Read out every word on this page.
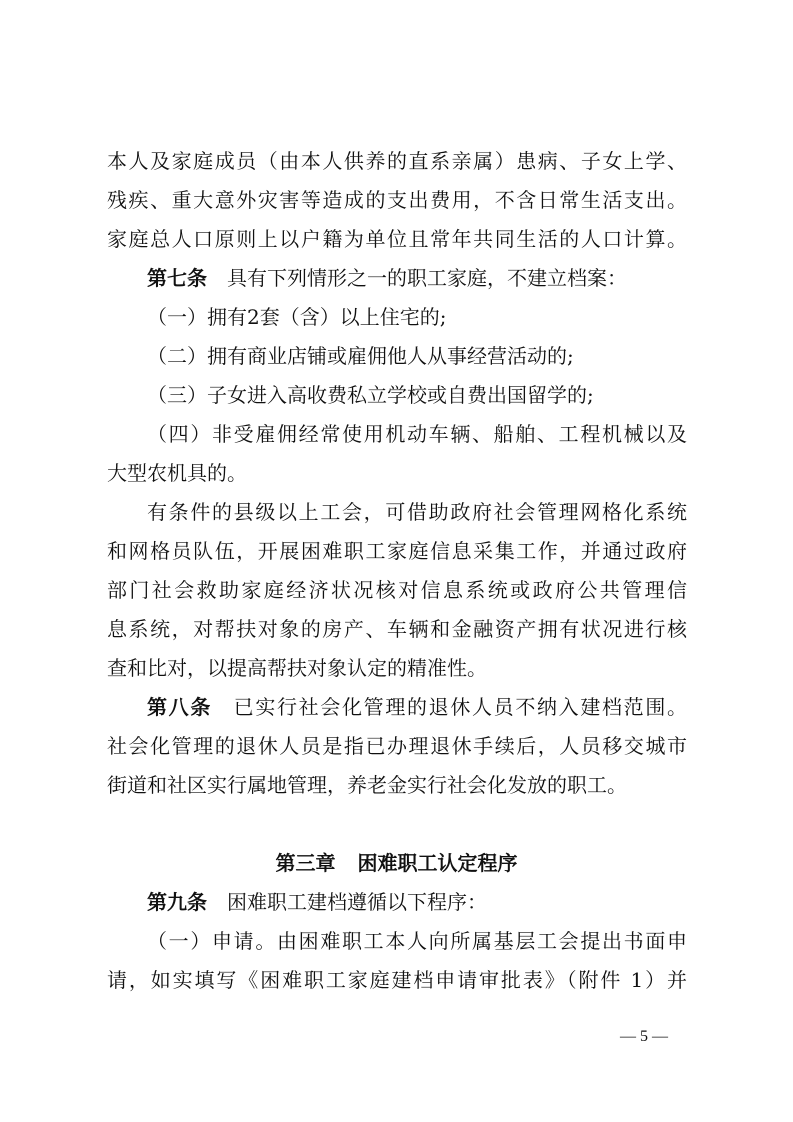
本人及家庭成员（由本人供养的直系亲属）患病、子女上学、
残疾、重大意外灾害等造成的支出费用，不含日常生活支出。
家庭总人口原则上以户籍为单位且常年共同生活的人口计算。
第七条 具有下列情形之一的职工家庭，不建立档案：
（一）拥有2套（含）以上住宅的;
（二）拥有商业店铺或雇佣他人从事经营活动的;
（三）子女进入高收费私立学校或自费出国留学的;
（四）非受雇佣经常使用机动车辆、船舶、工程机械以及
大型农机具的。
有条件的县级以上工会，可借助政府社会管理网格化系统
和网格员队伍，开展困难职工家庭信息采集工作，并通过政府
部门社会救助家庭经济状况核对信息系统或政府公共管理信
息系统，对帮扶对象的房产、车辆和金融资产拥有状况进行核
查和比对，以提高帮扶对象认定的精准性。
第八条 已实行社会化管理的退休人员不纳入建档范围。
社会化管理的退休人员是指已办理退休手续后，人员移交城市
街道和社区实行属地管理，养老金实行社会化发放的职工。
第三章 困难职工认定程序
第九条 困难职工建档遵循以下程序：
（一）申请。由困难职工本人向所属基层工会提出书面申
请，如实填写《困难职工家庭建档申请审批表》（附件 1）并
— 5 —
